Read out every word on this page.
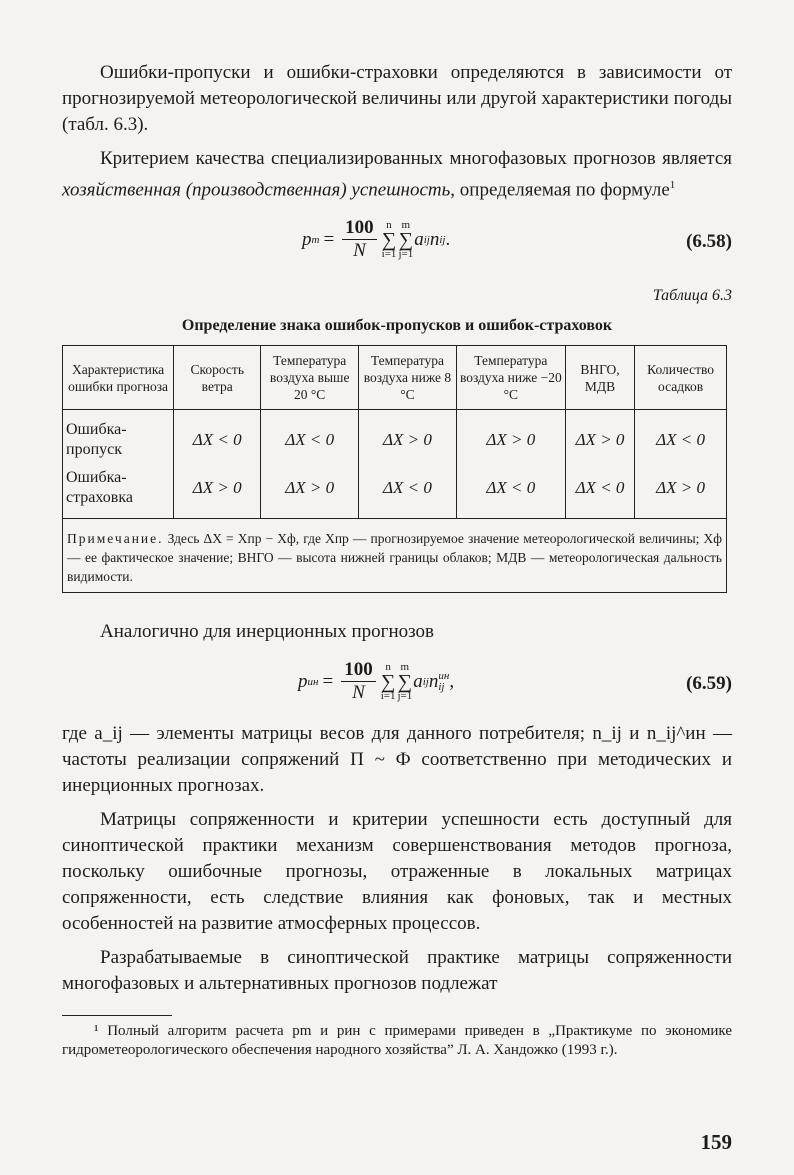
Ошибки-пропуски и ошибки-страховки определяются в зависимости от прогнозируемой метеорологической величины или другой характеристики погоды (табл. 6.3).

Критерием качества специализированных многофазовых прогнозов является хозяйственная (производственная) успешность, определяемая по формуле$^1$

p $m = \frac{100}{N}$ n
∑
i=1
m
∑
j=1
a ij n ij .	(6.58)
Таблица 6.3
Определение знака ошибок-пропусков и ошибок-страховок
Характеристика ошибки прогноза	Скорость ветра	Температура воздуха выше 20 °C	Температура воздуха ниже 8 °C	Температура воздуха ниже −20 °C	ВНГО, МДВ	Количество осадков
Ошибка-пропуск	ΔX < 0	ΔX < 0	ΔX > 0	ΔX > 0	ΔX > 0	ΔX < 0
Ошибка-страховка	ΔX > 0	ΔX > 0	ΔX < 0	ΔX < 0	ΔX < 0	ΔX > 0
Примечание. Здесь ΔX = Xпр − Xф, где Xпр — прогнозируемое значение метеорологической величины; Xф — ее фактическое значение; ВНГО — высота нижней границы облаков; МДВ — метеорологическая дальность видимости.						

Аналогично для инерционных прогнозов

p ин = $\frac{100}{N}$ n
∑
i=1
m
∑
j=1
a ij n ин
ij ,	(6.59)

где a_ij — элементы матрицы весов для данного потребителя; n_ij и n_ij^ин — частоты реализации сопряжений П ~ Ф соответственно при методических и инерционных прогнозах.

Матрицы сопряженности и критерии успешности есть доступный для синоптической практики механизм совершенствования методов прогноза, поскольку ошибочные прогнозы, отраженные в локальных матрицах сопряженности, есть следствие влияния как фоновых, так и местных особенностей на развитие атмосферных процессов.

Разрабатываемые в синоптической практике матрицы сопряженности многофазовых и альтернативных прогнозов подлежат

¹ Полный алгоритм расчета pm и pин с примерами приведен в „Практикуме по экономике гидрометеорологического обеспечения народного хозяйства” Л. А. Хандожко (1993 г.).
159
